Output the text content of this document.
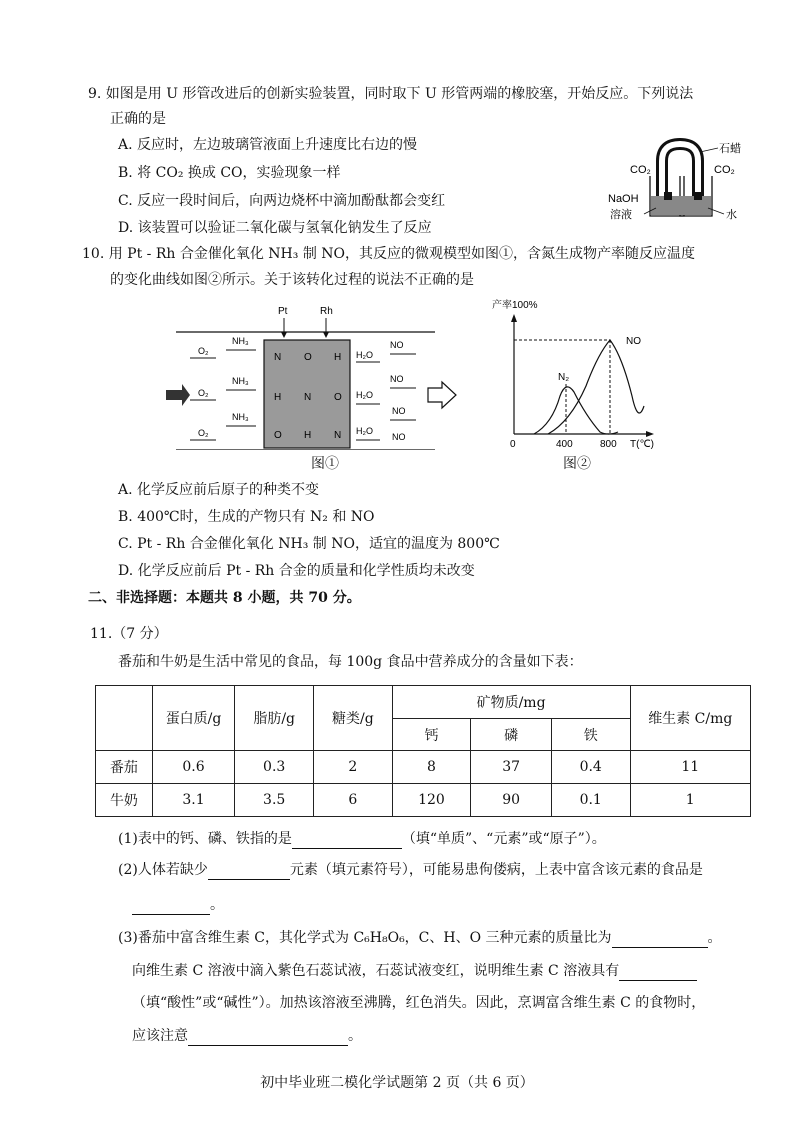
9. 如图是用 U 形管改进后的创新实验装置，同时取下 U 形管两端的橡胶塞，开始反应。下列说法
正确的是
A. 反应时，左边玻璃管液面上升速度比右边的慢
B. 将 CO₂ 换成 CO，实验现象一样
C. 反应一段时间后，向两边烧杯中滴加酚酞都会变红
D. 该装置可以验证二氧化碳与氢氧化钠发生了反应
石蜡
CO₂	CO₂
NaOH
溶液	水
10. 用 Pt - Rh 合金催化氧化 NH₃ 制 NO，其反应的微观模型如图①，含氮生成物产率随反应温度
的变化曲线如图②所示。关于该转化过程的说法不正确的是
Pt	Rh
N O H
H N O
O H N
O₂
NH₃
NH₃
O₂
NH₃
O₂
H₂O
NO
NO
H₂O
NO
H₂O
NO
图①
产率100%
0	400	800 T(℃)
N₂
NO
图②
A. 化学反应前后原子的种类不变
B. 400℃时，生成的产物只有 N₂ 和 NO
C. Pt - Rh 合金催化氧化 NH₃ 制 NO，适宜的温度为 800℃
D. 化学反应前后 Pt - Rh 合金的质量和化学性质均未改变
二、非选择题：本题共 8 小题，共 70 分。
11.（7 分）
番茄和牛奶是生活中常见的食品，每 100g 食品中营养成分的含量如下表：
	蛋白质/g	脂肪/g	糖类/g	矿物质/mg			维生素 C/mg
				钙	磷	铁	
番茄	0.6	0.3	2	8	37	0.4	11
牛奶	3.1	3.5	6	120	90	0.1	1
(1)表中的钙、磷、铁指的是	（填“单质”、“元素”或“原子”）。
(2)人体若缺少	元素（填元素符号），可能易患佝偻病，上表中富含该元素的食品是
。
(3)番茄中富含维生素 C，其化学式为 C₆H₈O₆，C、H、O 三种元素的质量比为	。
向维生素 C 溶液中滴入紫色石蕊试液，石蕊试液变红，说明维生素 C 溶液具有
（填“酸性”或“碱性”）。加热该溶液至沸腾，红色消失。因此，烹调富含维生素 C 的食物时，
应该注意	。
初中毕业班二模化学试题第 2 页（共 6 页）
